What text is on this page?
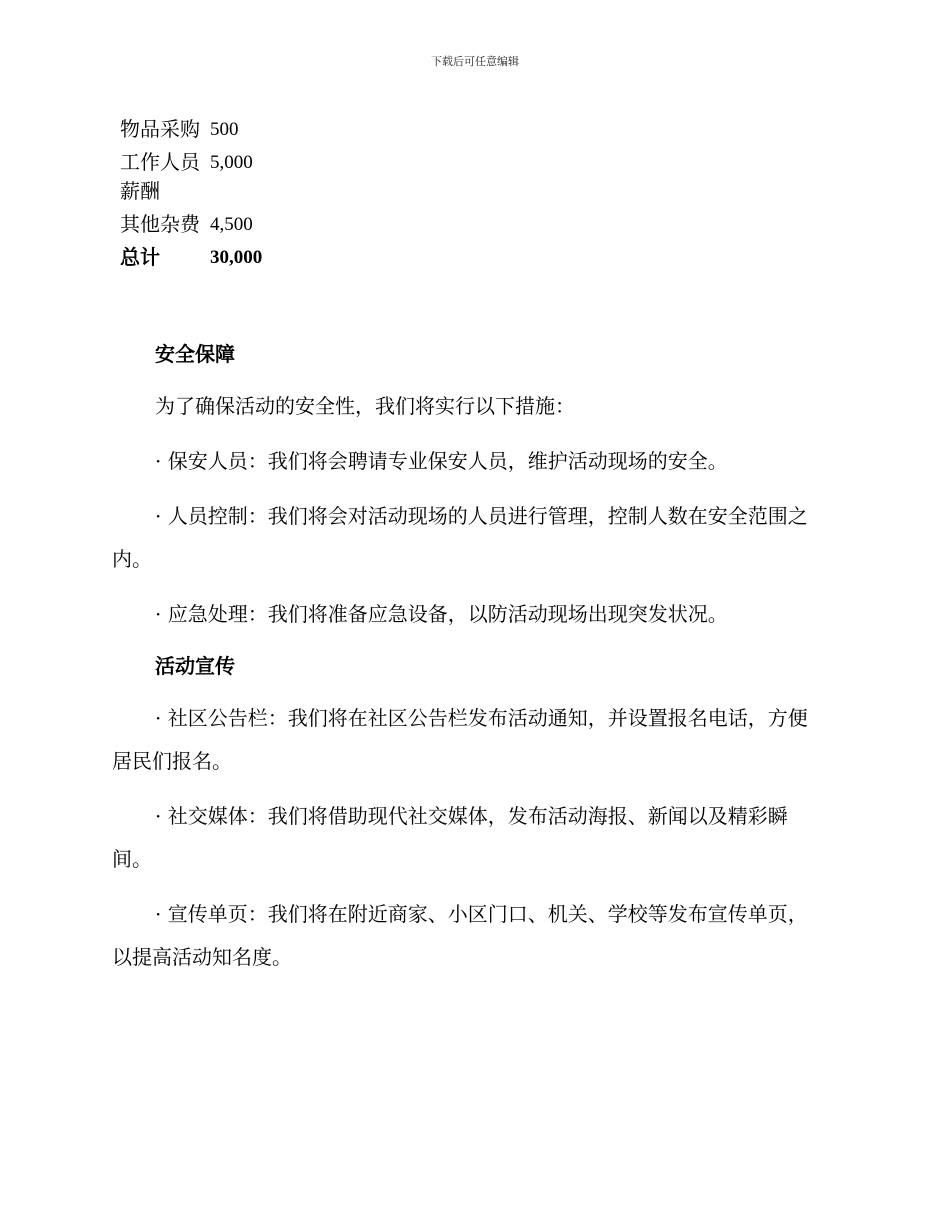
下载后可任意编辑
物品采购	500
工作人员薪酬	5,000
其他杂费	4,500
总计	30,000
安全保障

为了确保活动的安全性，我们将实行以下措施：

· 保安人员：我们将会聘请专业保安人员，维护活动现场的安全。

· 人员控制：我们将会对活动现场的人员进行管理，控制人数在安全范围之内。

· 应急处理：我们将准备应急设备，以防活动现场出现突发状况。

活动宣传

· 社区公告栏：我们将在社区公告栏发布活动通知，并设置报名电话，方便居民们报名。

· 社交媒体：我们将借助现代社交媒体，发布活动海报、新闻以及精彩瞬间。

· 宣传单页：我们将在附近商家、小区门口、机关、学校等发布宣传单页，以提高活动知名度。
